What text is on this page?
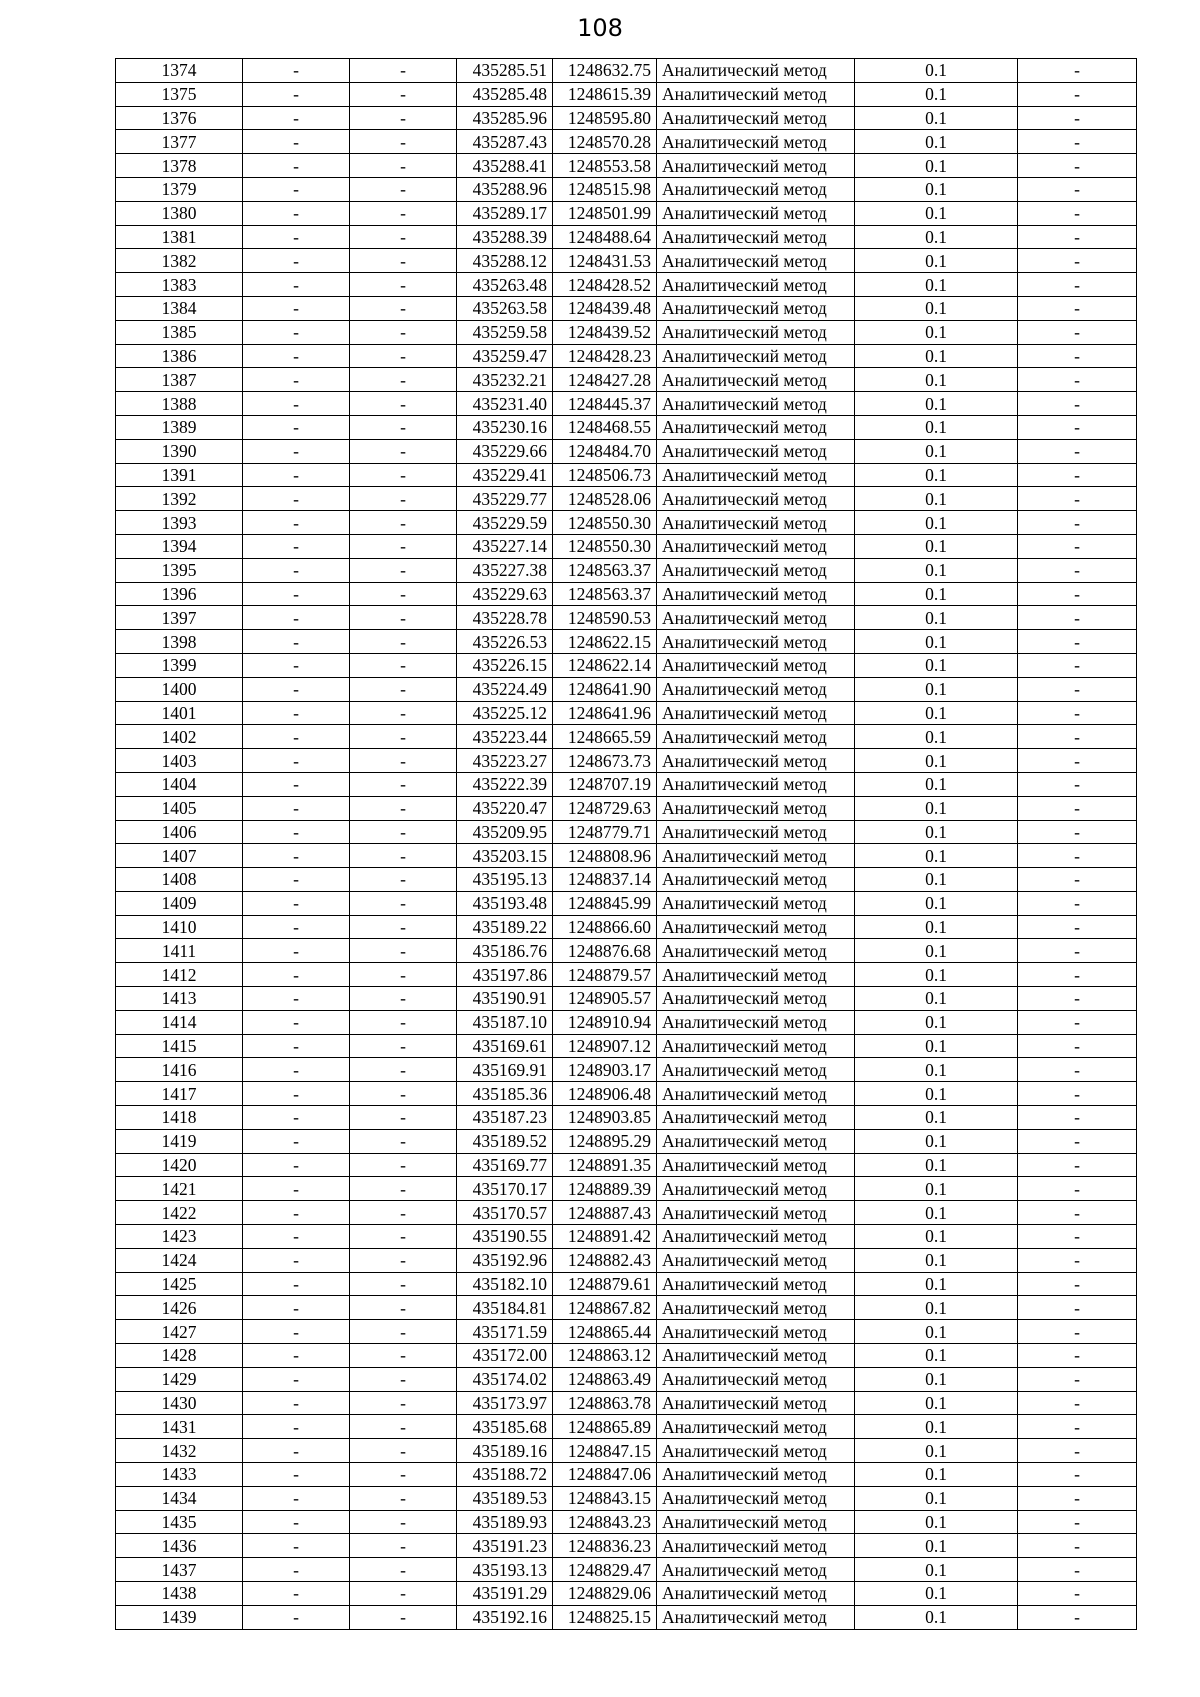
108
1374	-	-	435285.51	1248632.75	Аналитический метод	0.1	-
1375	-	-	435285.48	1248615.39	Аналитический метод	0.1	-
1376	-	-	435285.96	1248595.80	Аналитический метод	0.1	-
1377	-	-	435287.43	1248570.28	Аналитический метод	0.1	-
1378	-	-	435288.41	1248553.58	Аналитический метод	0.1	-
1379	-	-	435288.96	1248515.98	Аналитический метод	0.1	-
1380	-	-	435289.17	1248501.99	Аналитический метод	0.1	-
1381	-	-	435288.39	1248488.64	Аналитический метод	0.1	-
1382	-	-	435288.12	1248431.53	Аналитический метод	0.1	-
1383	-	-	435263.48	1248428.52	Аналитический метод	0.1	-
1384	-	-	435263.58	1248439.48	Аналитический метод	0.1	-
1385	-	-	435259.58	1248439.52	Аналитический метод	0.1	-
1386	-	-	435259.47	1248428.23	Аналитический метод	0.1	-
1387	-	-	435232.21	1248427.28	Аналитический метод	0.1	-
1388	-	-	435231.40	1248445.37	Аналитический метод	0.1	-
1389	-	-	435230.16	1248468.55	Аналитический метод	0.1	-
1390	-	-	435229.66	1248484.70	Аналитический метод	0.1	-
1391	-	-	435229.41	1248506.73	Аналитический метод	0.1	-
1392	-	-	435229.77	1248528.06	Аналитический метод	0.1	-
1393	-	-	435229.59	1248550.30	Аналитический метод	0.1	-
1394	-	-	435227.14	1248550.30	Аналитический метод	0.1	-
1395	-	-	435227.38	1248563.37	Аналитический метод	0.1	-
1396	-	-	435229.63	1248563.37	Аналитический метод	0.1	-
1397	-	-	435228.78	1248590.53	Аналитический метод	0.1	-
1398	-	-	435226.53	1248622.15	Аналитический метод	0.1	-
1399	-	-	435226.15	1248622.14	Аналитический метод	0.1	-
1400	-	-	435224.49	1248641.90	Аналитический метод	0.1	-
1401	-	-	435225.12	1248641.96	Аналитический метод	0.1	-
1402	-	-	435223.44	1248665.59	Аналитический метод	0.1	-
1403	-	-	435223.27	1248673.73	Аналитический метод	0.1	-
1404	-	-	435222.39	1248707.19	Аналитический метод	0.1	-
1405	-	-	435220.47	1248729.63	Аналитический метод	0.1	-
1406	-	-	435209.95	1248779.71	Аналитический метод	0.1	-
1407	-	-	435203.15	1248808.96	Аналитический метод	0.1	-
1408	-	-	435195.13	1248837.14	Аналитический метод	0.1	-
1409	-	-	435193.48	1248845.99	Аналитический метод	0.1	-
1410	-	-	435189.22	1248866.60	Аналитический метод	0.1	-
1411	-	-	435186.76	1248876.68	Аналитический метод	0.1	-
1412	-	-	435197.86	1248879.57	Аналитический метод	0.1	-
1413	-	-	435190.91	1248905.57	Аналитический метод	0.1	-
1414	-	-	435187.10	1248910.94	Аналитический метод	0.1	-
1415	-	-	435169.61	1248907.12	Аналитический метод	0.1	-
1416	-	-	435169.91	1248903.17	Аналитический метод	0.1	-
1417	-	-	435185.36	1248906.48	Аналитический метод	0.1	-
1418	-	-	435187.23	1248903.85	Аналитический метод	0.1	-
1419	-	-	435189.52	1248895.29	Аналитический метод	0.1	-
1420	-	-	435169.77	1248891.35	Аналитический метод	0.1	-
1421	-	-	435170.17	1248889.39	Аналитический метод	0.1	-
1422	-	-	435170.57	1248887.43	Аналитический метод	0.1	-
1423	-	-	435190.55	1248891.42	Аналитический метод	0.1	-
1424	-	-	435192.96	1248882.43	Аналитический метод	0.1	-
1425	-	-	435182.10	1248879.61	Аналитический метод	0.1	-
1426	-	-	435184.81	1248867.82	Аналитический метод	0.1	-
1427	-	-	435171.59	1248865.44	Аналитический метод	0.1	-
1428	-	-	435172.00	1248863.12	Аналитический метод	0.1	-
1429	-	-	435174.02	1248863.49	Аналитический метод	0.1	-
1430	-	-	435173.97	1248863.78	Аналитический метод	0.1	-
1431	-	-	435185.68	1248865.89	Аналитический метод	0.1	-
1432	-	-	435189.16	1248847.15	Аналитический метод	0.1	-
1433	-	-	435188.72	1248847.06	Аналитический метод	0.1	-
1434	-	-	435189.53	1248843.15	Аналитический метод	0.1	-
1435	-	-	435189.93	1248843.23	Аналитический метод	0.1	-
1436	-	-	435191.23	1248836.23	Аналитический метод	0.1	-
1437	-	-	435193.13	1248829.47	Аналитический метод	0.1	-
1438	-	-	435191.29	1248829.06	Аналитический метод	0.1	-
1439	-	-	435192.16	1248825.15	Аналитический метод	0.1	-
